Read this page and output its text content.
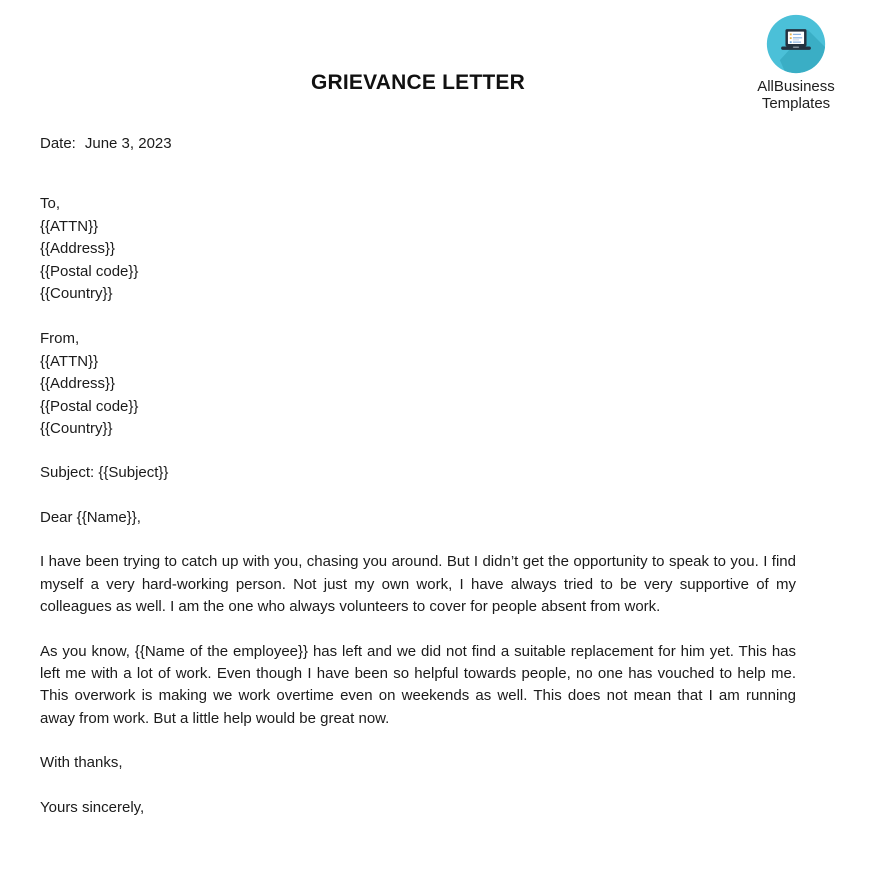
AllBusiness
Templates
GRIEVANCE LETTER
Date: June 3, 2023
To,
{{ATTN}}
{{Address}}
{{Postal code}}
{{Country}}
From,
{{ATTN}}
{{Address}}
{{Postal code}}
{{Country}}
Subject: {{Subject}}
Dear {{Name}},

I have been trying to catch up with you, chasing you around. But I didn’t get the opportunity to speak to you. I find myself a very hard-working person. Not just my own work, I have always tried to be very supportive of my colleagues as well. I am the one who always volunteers to cover for people absent from work.

As you know, {{Name of the employee}} has left and we did not find a suitable replacement for him yet. This has left me with a lot of work. Even though I have been so helpful towards people, no one has vouched to help me. This overwork is making we work overtime even on weekends as well. This does not mean that I am running away from work. But a little help would be great now.

With thanks,
Yours sincerely,
